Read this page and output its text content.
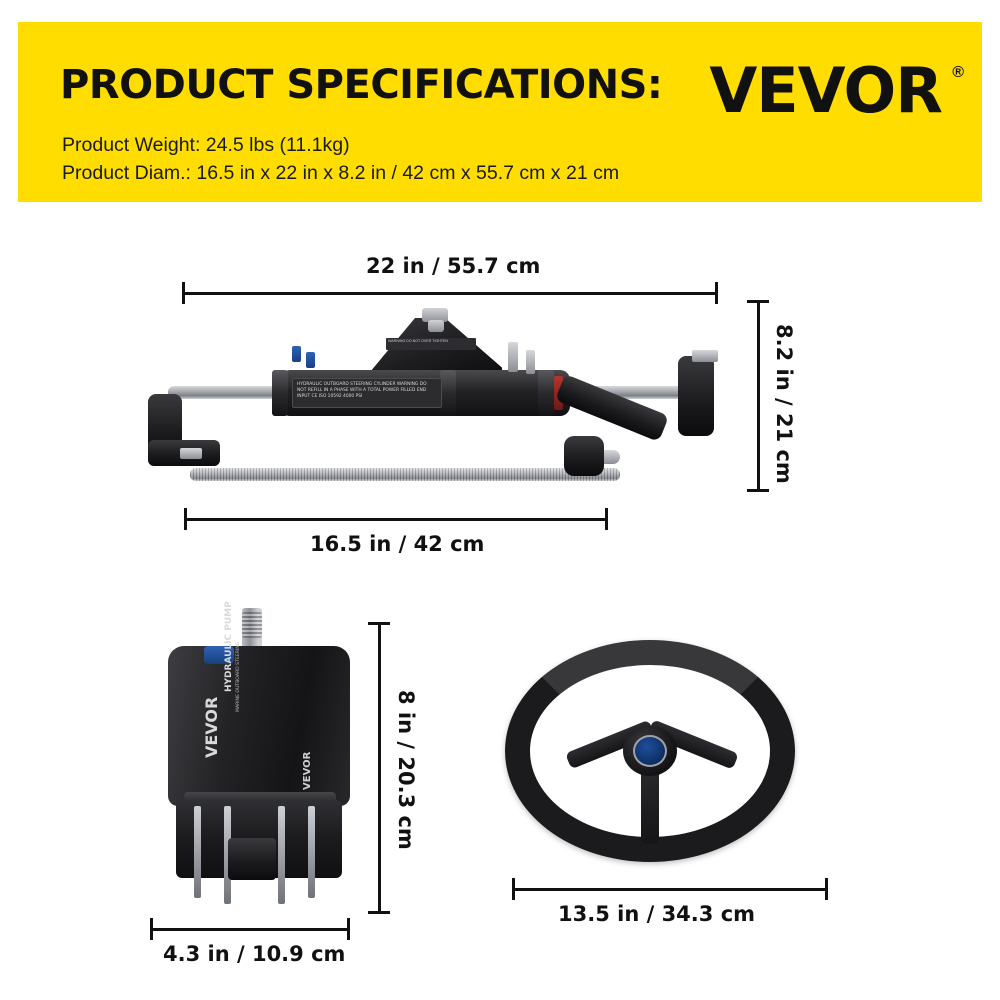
PRODUCT SPECIFICATIONS:
Product Weight: 24.5 lbs (11.1kg)
Product Diam.: 16.5 in x 22 in x 8.2 in / 42 cm x 55.7 cm x 21 cm
VEVOR ®
WARNING DO NOT OVER TIGHTEN
HYDRAULIC OUTBOARD STEERING CYLINDER WARNING DO NOT REFILL IN A PHASE WITH A TOTAL POWER FILLED END INPUT CE ISO 10592 4000 PSI
22 in / 55.7 cm
16.5 in / 42 cm
8.2 in / 21 cm
HYDRAULIC PUMP MARINE OUTBOARD STEERING
VEVOR
VEVOR	8 in / 20.3 cm
4.3 in / 10.9 cm
13.5 in / 34.3 cm
